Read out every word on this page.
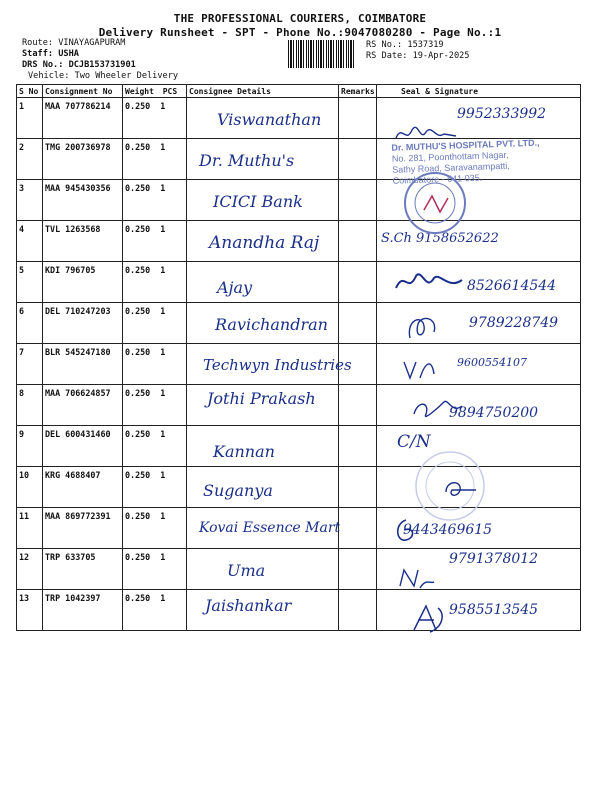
THE PROFESSIONAL COURIERS, COIMBATORE
Delivery Runsheet - SPT - Phone No.:9047080280 - Page No.:1
Route: VINAYAGAPURAM
Staff: USHA
DRS No.: DCJB153731901
RS No.: 1537319
RS Date: 19-Apr-2025
Vehicle: Two Wheeler Delivery
S No	Consignment No	Weight PCS	Consignee Details	Remarks	Seal & Signature
1	MAA 707786214	0.250 1	Viswanathan		9952333992

2	TMG 200736978	0.250 1	Dr. Muthu's		

3	MAA 945430356	0.250 1	ICICI Bank		

4	TVL 1263568	0.250 1	Anandha Raj		S.Ch 9158652622

5	KDI 796705	0.250 1	Ajay		8526614544

6	DEL 710247203	0.250 1	Ravichandran		9789228749

7	BLR 545247180	0.250 1	Techwyn Industries		9600554107

8	MAA 706624857	0.250 1	Jothi Prakash		9894750200

9	DEL 600431460	0.250 1	Kannan		C/N

10	KRG 4688407	0.250 1	Suganya		

11	MAA 869772391	0.250 1	Kovai Essence Mart		9443469615

12	TRP 633705	0.250 1	Uma		9791378012

13	TRP 1042397	0.250 1	Jaishankar		9585513545
Dr. MUTHU'S HOSPITAL PVT. LTD.,
No. 281, Poonthottam Nagar,
Sathy Road, Saravanampatti,
Coimbatore - 641 035.
